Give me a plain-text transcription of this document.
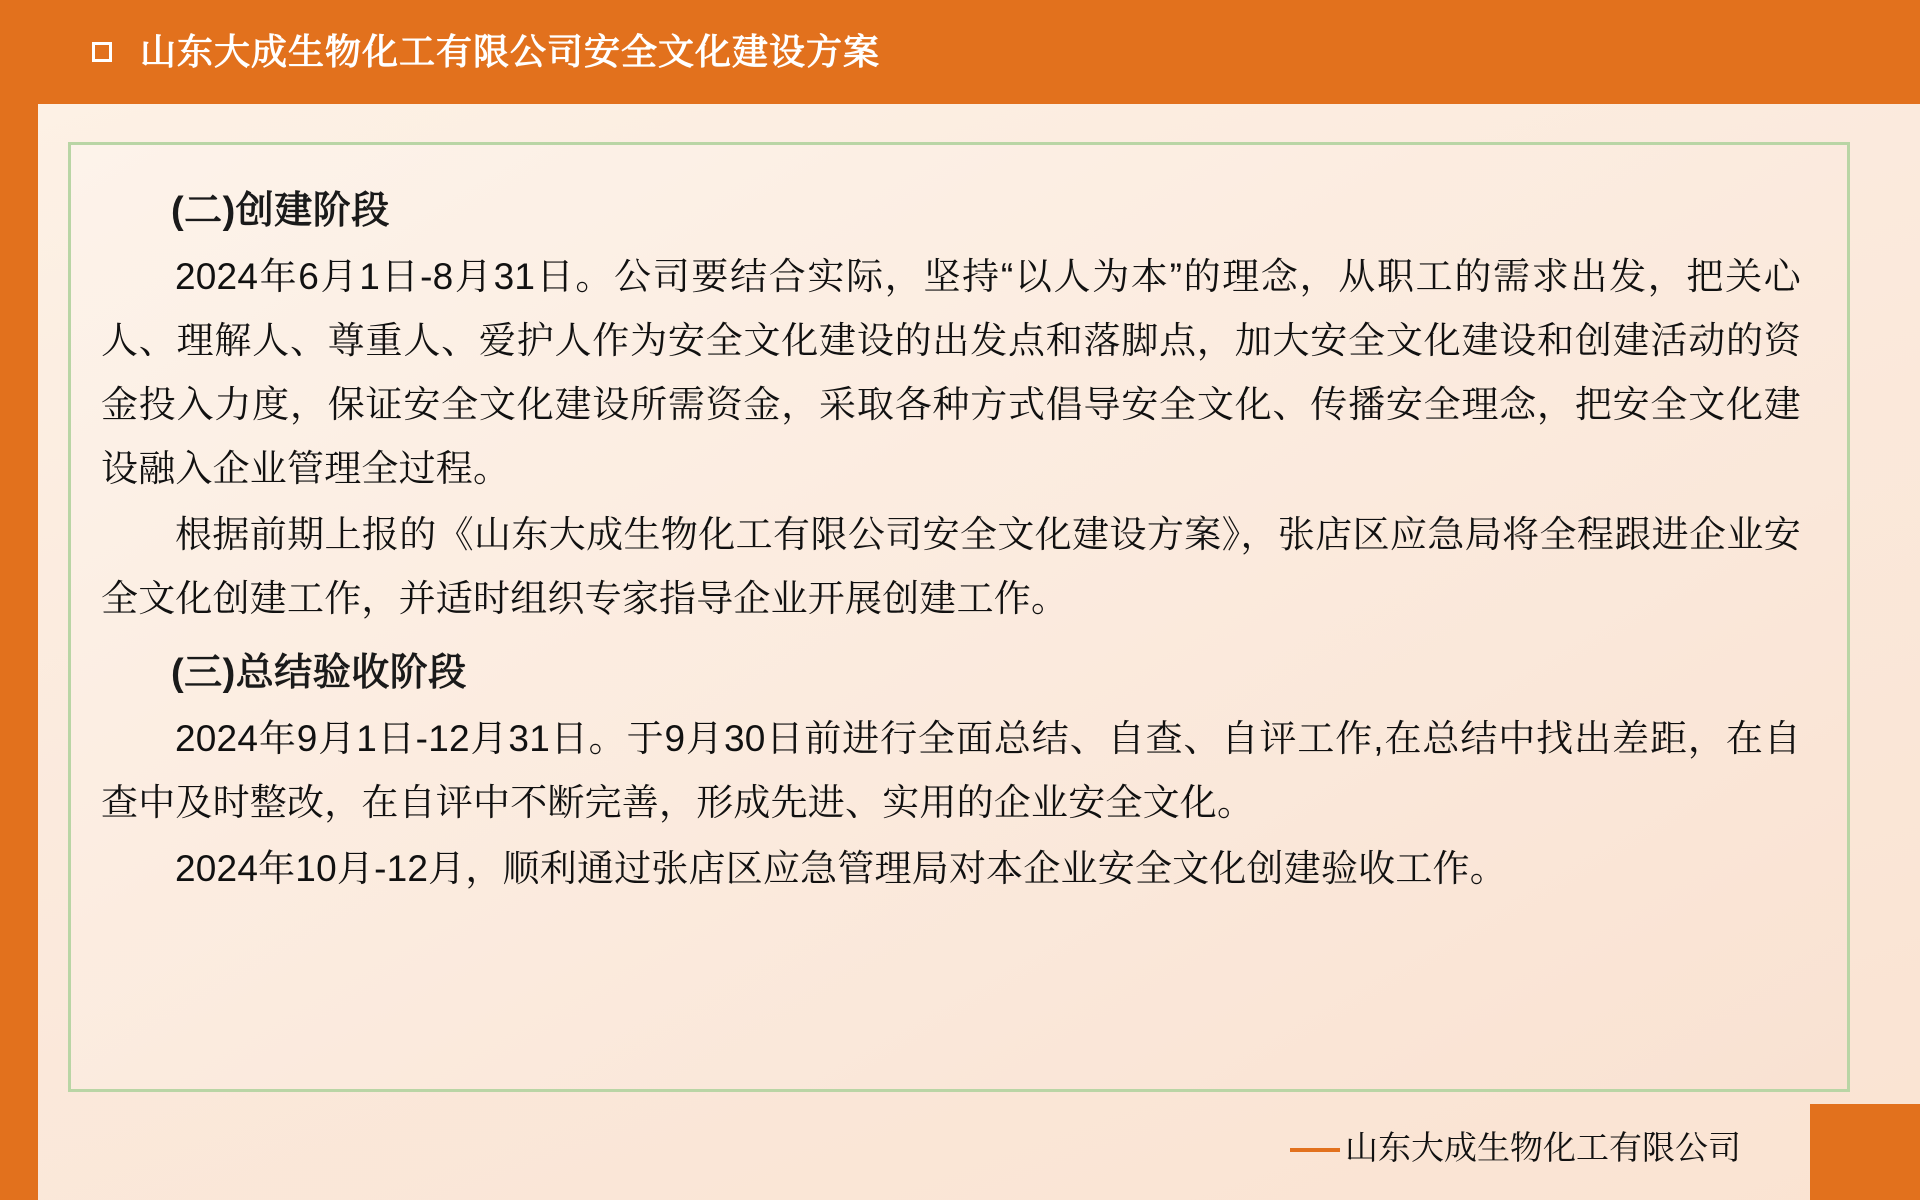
山东大成生物化工有限公司安全文化建设方案
(二)创建阶段

2024年6月1日-8月31日。公司要结合实际，坚持“以人为本”的理念，从职工的需求出发，把关心人、理解人、尊重人、爱护人作为安全文化建设的出发点和落脚点，加大安全文化建设和创建活动的资金投入力度，保证安全文化建设所需资金，采取各种方式倡导安全文化、传播安全理念，把安全文化建设融入企业管理全过程。

根据前期上报的《山东大成生物化工有限公司安全文化建设方案》，张店区应急局将全程跟进企业安全文化创建工作，并适时组织专家指导企业开展创建工作。

(三)总结验收阶段

2024年9月1日-12月31日。于9月30日前进行全面总结、自查、自评工作,在总结中找出差距，在自查中及时整改，在自评中不断完善，形成先进、实用的企业安全文化。

2024年10月-12月，顺利通过张店区应急管理局对本企业安全文化创建验收工作。

山东大成生物化工有限公司
